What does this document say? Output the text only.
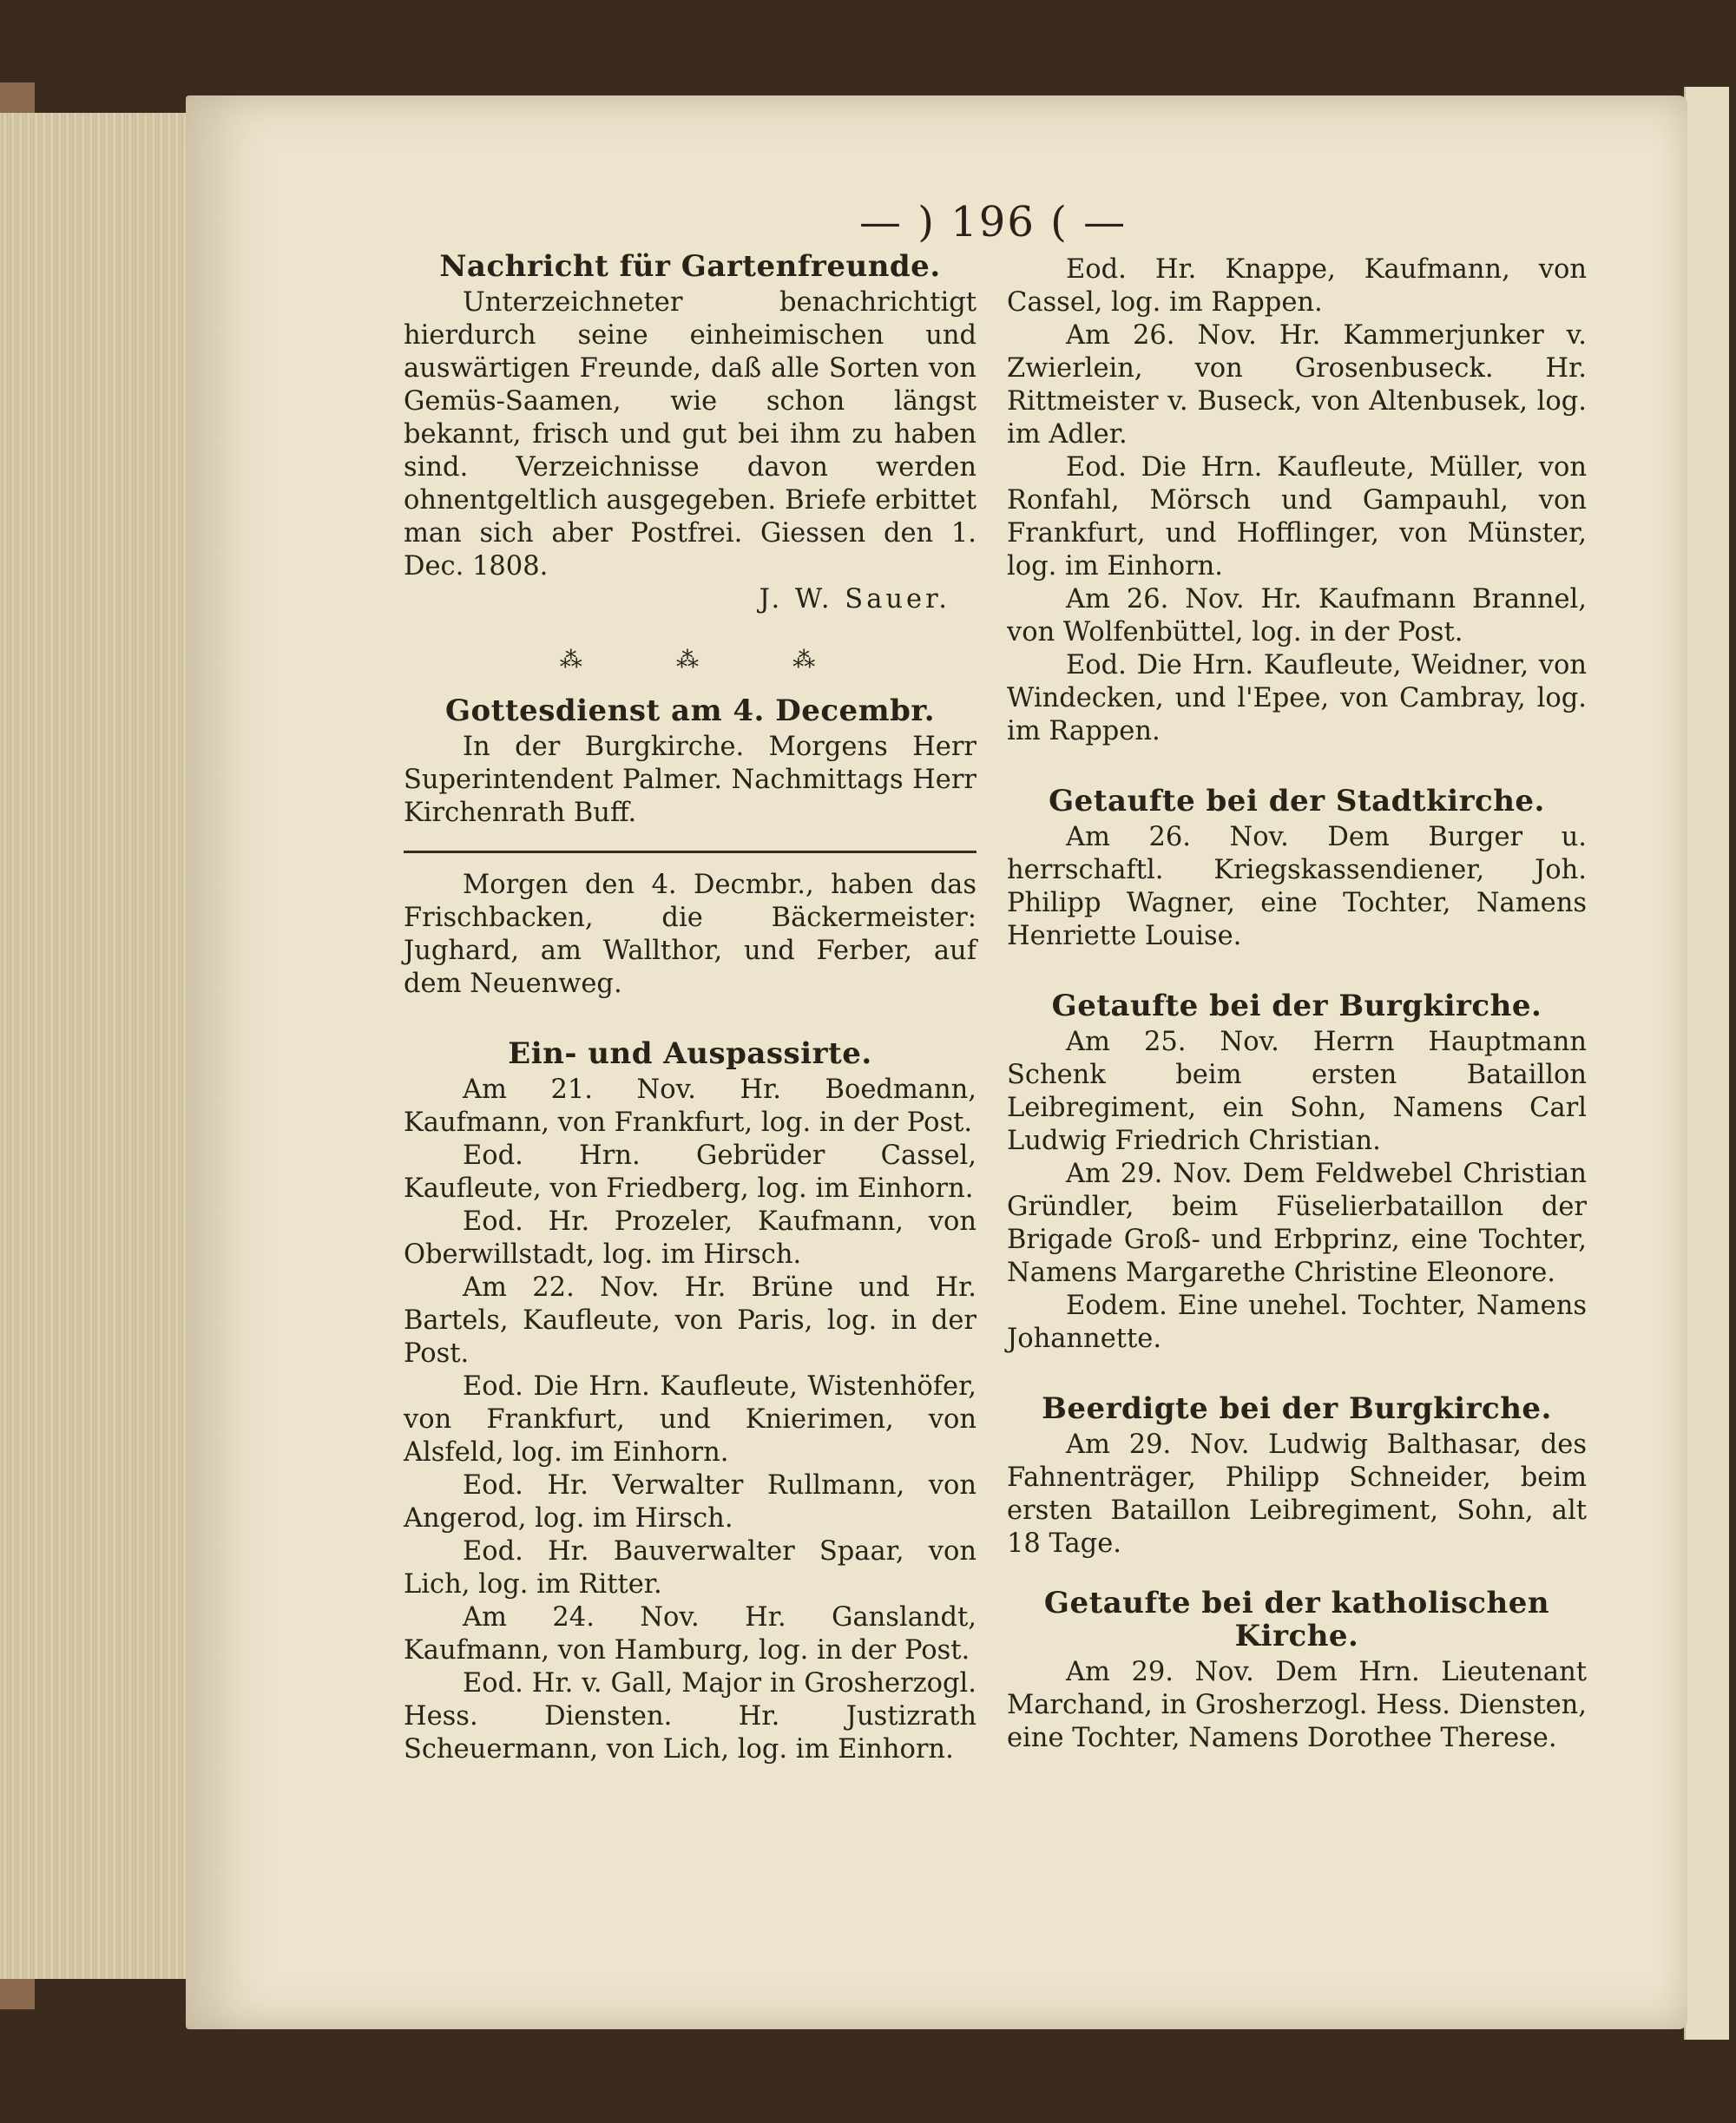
— ) 196 ( —
Nachricht für Gartenfreunde.

Unterzeichneter benachrichtigt hierdurch seine einheimischen und auswärtigen Freunde, daß alle Sorten von Gemüs-Saamen, wie schon längst bekannt, frisch und gut bei ihm zu haben sind. Verzeichnisse davon werden ohnentgeltlich ausgegeben. Briefe erbittet man sich aber Postfrei. Giessen den 1. Dec. 1808.

J. W. Sauer.

⁂	⁂	⁂
Gottesdienst am 4. Decembr.

In der Burgkirche. Morgens Herr Superintendent Palmer. Nachmittags Herr Kirchenrath Buff.

Morgen den 4. Decmbr., haben das Frischbacken, die Bäckermeister: Jughard, am Wallthor, und Ferber, auf dem Neuenweg.

Ein- und Auspassirte.

Am 21. Nov. Hr. Boedmann, Kaufmann, von Frankfurt, log. in der Post.

Eod. Hrn. Gebrüder Cassel, Kaufleute, von Friedberg, log. im Einhorn.

Eod. Hr. Prozeler, Kaufmann, von Oberwillstadt, log. im Hirsch.

Am 22. Nov. Hr. Brüne und Hr. Bartels, Kaufleute, von Paris, log. in der Post.

Eod. Die Hrn. Kaufleute, Wistenhöfer, von Frankfurt, und Knierimen, von Alsfeld, log. im Einhorn.

Eod. Hr. Verwalter Rullmann, von Angerod, log. im Hirsch.

Eod. Hr. Bauverwalter Spaar, von Lich, log. im Ritter.

Am 24. Nov. Hr. Ganslandt, Kaufmann, von Hamburg, log. in der Post.

Eod. Hr. v. Gall, Major in Grosherzogl. Hess. Diensten. Hr. Justizrath Scheuermann, von Lich, log. im Einhorn.

Eod. Hr. Knappe, Kaufmann, von Cassel, log. im Rappen.

Am 26. Nov. Hr. Kammerjunker v. Zwierlein, von Grosenbuseck. Hr. Rittmeister v. Buseck, von Altenbusek, log. im Adler.

Eod. Die Hrn. Kaufleute, Müller, von Ronfahl, Mörsch und Gampauhl, von Frankfurt, und Hofflinger, von Münster, log. im Einhorn.

Am 26. Nov. Hr. Kaufmann Brannel, von Wolfenbüttel, log. in der Post.

Eod. Die Hrn. Kaufleute, Weidner, von Windecken, und l'Epee, von Cambray, log. im Rappen.

Getaufte bei der Stadtkirche.

Am 26. Nov. Dem Burger u. herrschaftl. Kriegskassendiener, Joh. Philipp Wagner, eine Tochter, Namens Henriette Louise.

Getaufte bei der Burgkirche.

Am 25. Nov. Herrn Hauptmann Schenk beim ersten Bataillon Leibregiment, ein Sohn, Namens Carl Ludwig Friedrich Christian.

Am 29. Nov. Dem Feldwebel Christian Gründler, beim Füselierbataillon der Brigade Groß- und Erbprinz, eine Tochter, Namens Margarethe Christine Eleonore.

Eodem. Eine unehel. Tochter, Namens Johannette.

Beerdigte bei der Burgkirche.

Am 29. Nov. Ludwig Balthasar, des Fahnenträger, Philipp Schneider, beim ersten Bataillon Leibregiment, Sohn, alt 18 Tage.

Getaufte bei der katholischen Kirche.

Am 29. Nov. Dem Hrn. Lieutenant Marchand, in Grosherzogl. Hess. Diensten, eine Tochter, Namens Dorothee Therese.
